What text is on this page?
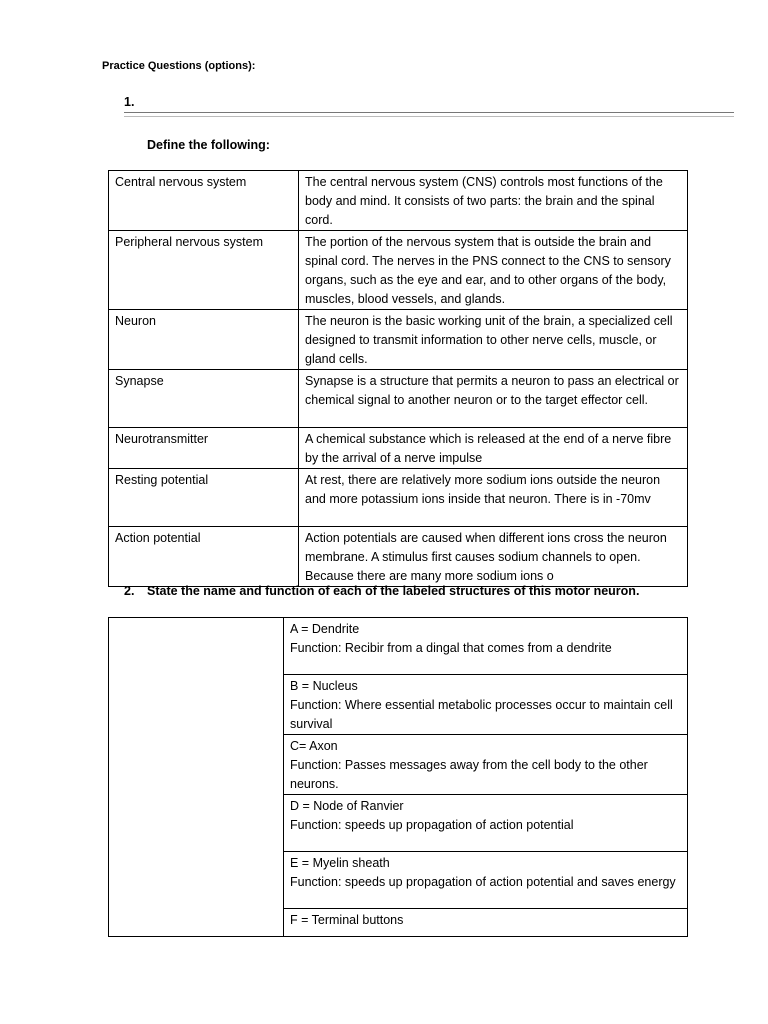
Practice Questions (options):
1.
Define the following:
Central nervous system	The central nervous system (CNS) controls most functions of the body and mind. It consists of two parts: the brain and the spinal cord.
Peripheral nervous system	The portion of the nervous system that is outside the brain and spinal cord. The nerves in the PNS connect to the CNS to sensory organs, such as the eye and ear, and to other organs of the body, muscles, blood vessels, and glands.
Neuron	The neuron is the basic working unit of the brain, a specialized cell designed to transmit information to other nerve cells, muscle, or gland cells.
Synapse	Synapse is a structure that permits a neuron to pass an electrical or chemical signal to another neuron or to the target effector cell.
Neurotransmitter	A chemical substance which is released at the end of a nerve fibre by the arrival of a nerve impulse
Resting potential	At rest, there are relatively more sodium ions outside the neuron and more potassium ions inside that neuron. There is in -70mv
Action potential	Action potentials are caused when different ions cross the neuron membrane. A stimulus first causes sodium channels to open. Because there are many more sodium ions o
2. State the name and function of each of the labeled structures of this motor neuron.

A = Dendrite
Function: Recibir from a dingal that comes from a dendrite

B = Nucleus
Function: Where essential metabolic processes occur to maintain cell survival

C= Axon
Function: Passes messages away from the cell body to the other neurons.

D = Node of Ranvier
Function: speeds up propagation of action potential

E = Myelin sheath
Function: speeds up propagation of action potential and saves energy

F = Terminal buttons
